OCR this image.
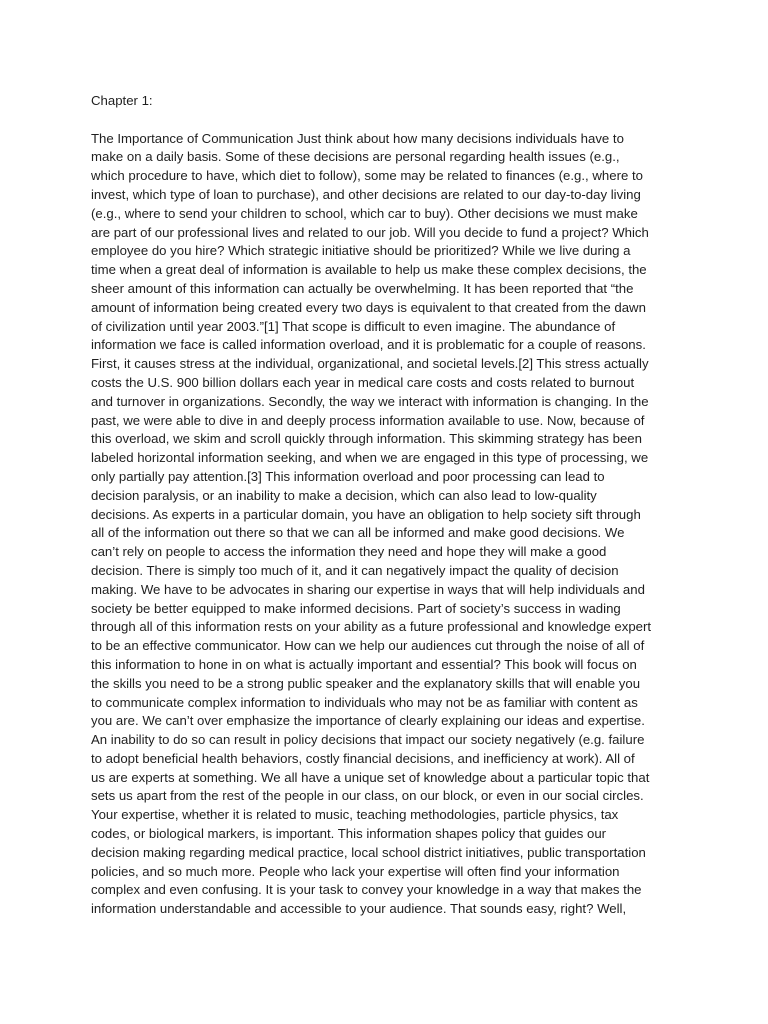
Chapter 1:

The Importance of Communication Just think about how many decisions individuals have to
make on a daily basis. Some of these decisions are personal regarding health issues (e.g.,
which procedure to have, which diet to follow), some may be related to finances (e.g., where to
invest, which type of loan to purchase), and other decisions are related to our day-to-day living
(e.g., where to send your children to school, which car to buy). Other decisions we must make
are part of our professional lives and related to our job. Will you decide to fund a project? Which
employee do you hire? Which strategic initiative should be prioritized? While we live during a
time when a great deal of information is available to help us make these complex decisions, the
sheer amount of this information can actually be overwhelming. It has been reported that “the
amount of information being created every two days is equivalent to that created from the dawn
of civilization until year 2003.”[1] That scope is difficult to even imagine. The abundance of
information we face is called information overload, and it is problematic for a couple of reasons.
First, it causes stress at the individual, organizational, and societal levels.[2] This stress actually
costs the U.S. 900 billion dollars each year in medical care costs and costs related to burnout
and turnover in organizations. Secondly, the way we interact with information is changing. In the
past, we were able to dive in and deeply process information available to use. Now, because of
this overload, we skim and scroll quickly through information. This skimming strategy has been
labeled horizontal information seeking, and when we are engaged in this type of processing, we
only partially pay attention.[3] This information overload and poor processing can lead to
decision paralysis, or an inability to make a decision, which can also lead to low-quality
decisions. As experts in a particular domain, you have an obligation to help society sift through
all of the information out there so that we can all be informed and make good decisions. We
can’t rely on people to access the information they need and hope they will make a good
decision. There is simply too much of it, and it can negatively impact the quality of decision
making. We have to be advocates in sharing our expertise in ways that will help individuals and
society be better equipped to make informed decisions. Part of society’s success in wading
through all of this information rests on your ability as a future professional and knowledge expert
to be an effective communicator. How can we help our audiences cut through the noise of all of
this information to hone in on what is actually important and essential? This book will focus on
the skills you need to be a strong public speaker and the explanatory skills that will enable you
to communicate complex information to individuals who may not be as familiar with content as
you are. We can’t over emphasize the importance of clearly explaining our ideas and expertise.
An inability to do so can result in policy decisions that impact our society negatively (e.g. failure
to adopt beneficial health behaviors, costly financial decisions, and inefficiency at work). All of
us are experts at something. We all have a unique set of knowledge about a particular topic that
sets us apart from the rest of the people in our class, on our block, or even in our social circles.
Your expertise, whether it is related to music, teaching methodologies, particle physics, tax
codes, or biological markers, is important. This information shapes policy that guides our
decision making regarding medical practice, local school district initiatives, public transportation
policies, and so much more. People who lack your expertise will often find your information
complex and even confusing. It is your task to convey your knowledge in a way that makes the
information understandable and accessible to your audience. That sounds easy, right? Well,
